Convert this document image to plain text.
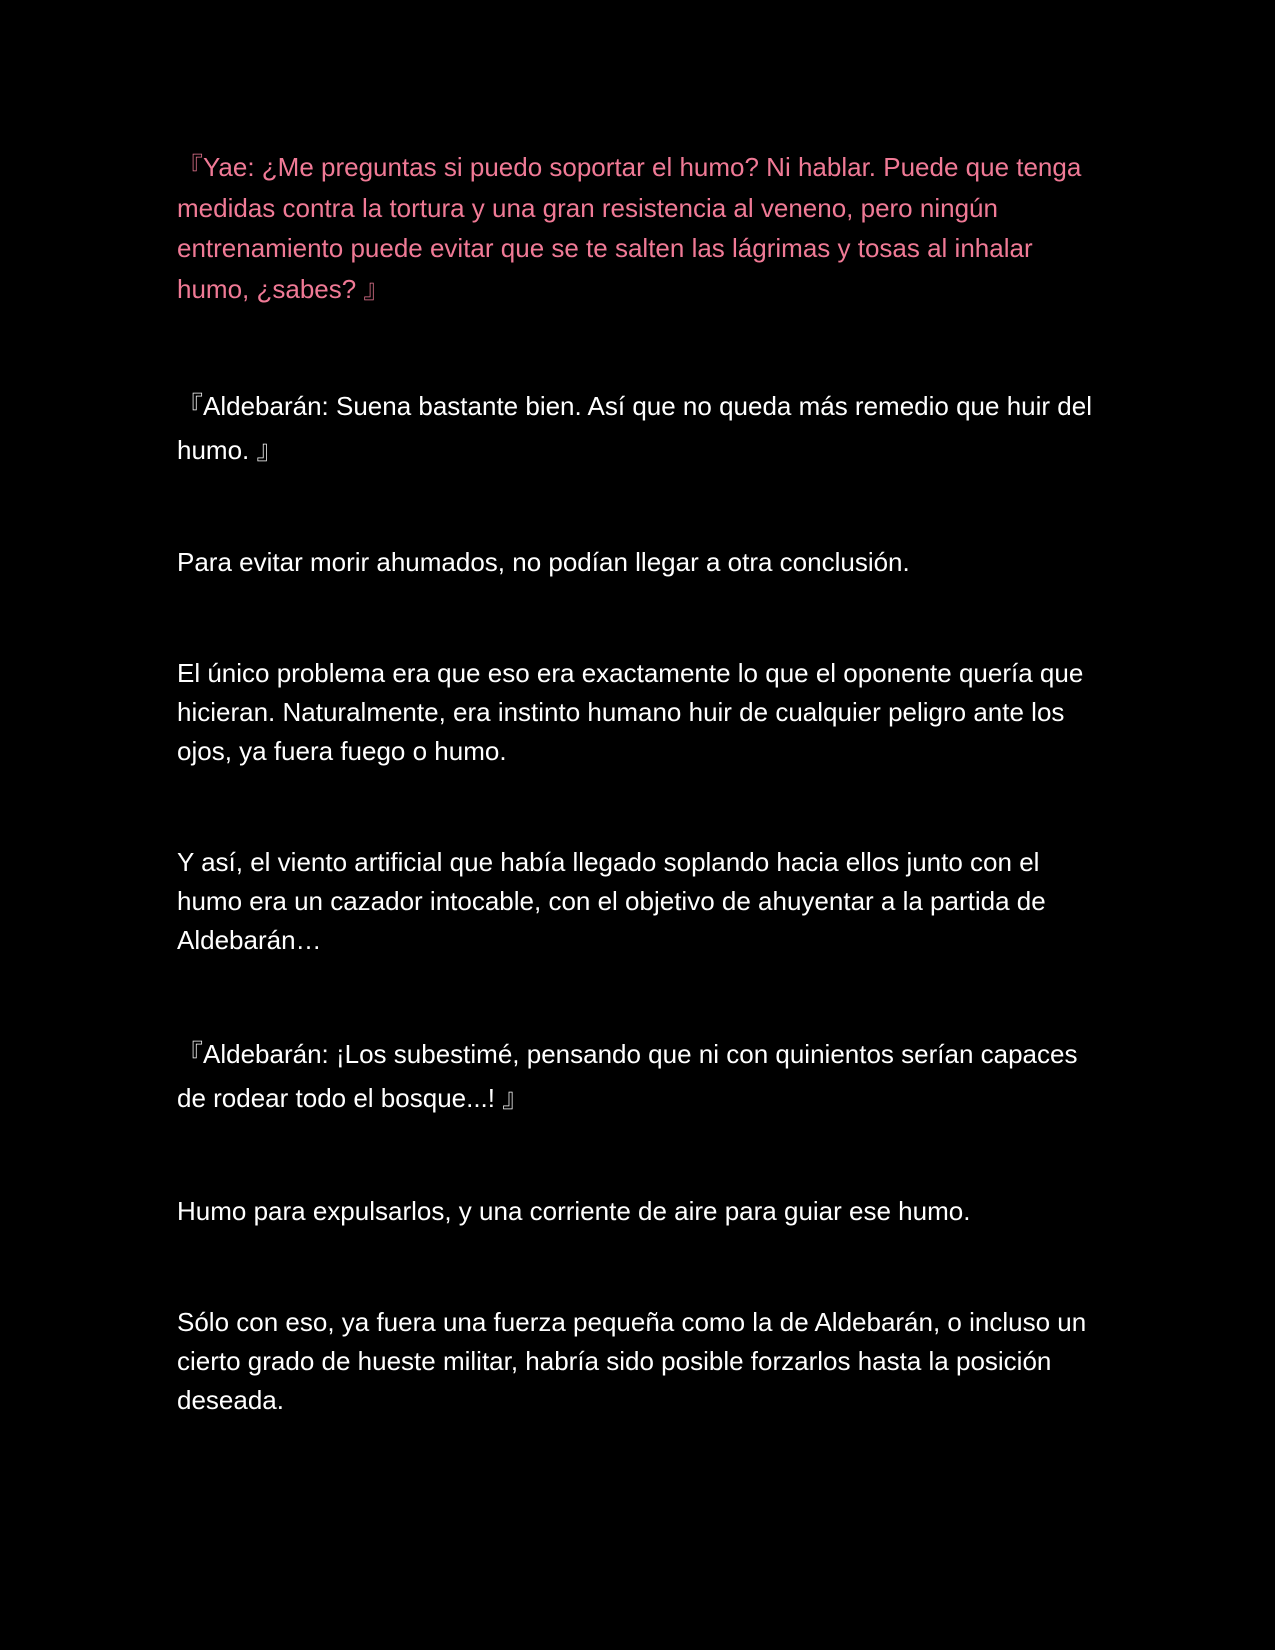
『Yae: ¿Me preguntas si puedo soportar el humo? Ni hablar. Puede que tenga medidas contra la tortura y una gran resistencia al veneno, pero ningún entrenamiento puede evitar que se te salten las lágrimas y tosas al inhalar humo, ¿sabes? 』

『Aldebarán: Suena bastante bien. Así que no queda más remedio que huir del humo. 』

Para evitar morir ahumados, no podían llegar a otra conclusión.

El único problema era que eso era exactamente lo que el oponente quería que hicieran. Naturalmente, era instinto humano huir de cualquier peligro ante los ojos, ya fuera fuego o humo.

Y así, el viento artificial que había llegado soplando hacia ellos junto con el humo era un cazador intocable, con el objetivo de ahuyentar a la partida de Aldebarán…

『Aldebarán: ¡Los subestimé, pensando que ni con quinientos serían capaces de rodear todo el bosque...! 』

Humo para expulsarlos, y una corriente de aire para guiar ese humo.

Sólo con eso, ya fuera una fuerza pequeña como la de Aldebarán, o incluso un cierto grado de hueste militar, habría sido posible forzarlos hasta la posición deseada.
